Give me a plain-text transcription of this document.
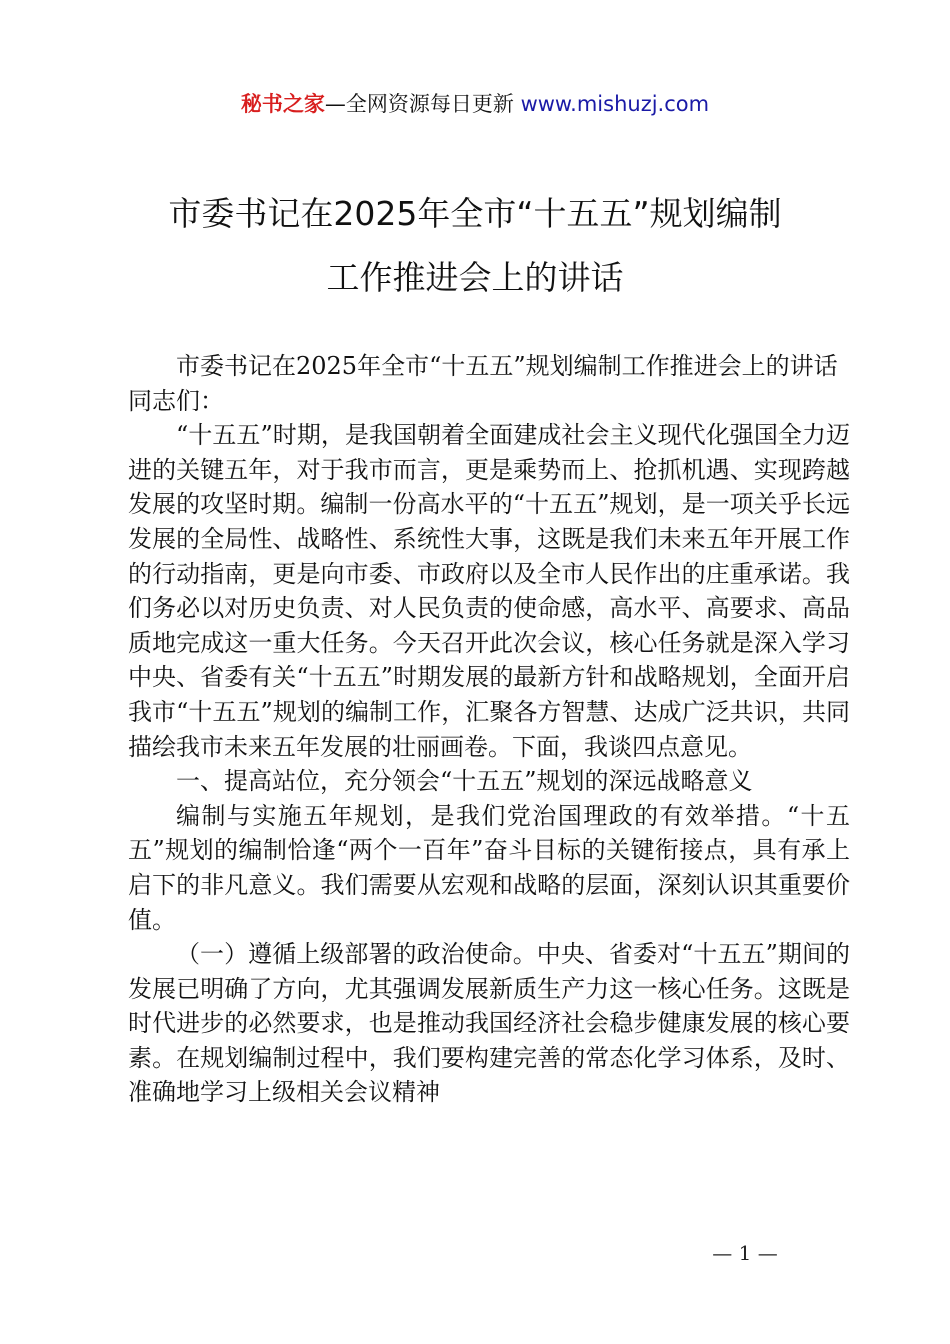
秘书之家—全网资源每日更新 www.mishuzj.com
市委书记在2025年全市“十五五”规划编制
工作推进会上的讲话

市委书记在2025年全市“十五五”规划编制工作推进会上的讲话

同志们：

“十五五”时期，是我国朝着全面建成社会主义现代化强国全力迈进的关键五年，对于我市而言，更是乘势而上、抢抓机遇、实现跨越发展的攻坚时期。编制一份高水平的“十五五”规划，是一项关乎长远发展的全局性、战略性、系统性大事，这既是我们未来五年开展工作的行动指南，更是向市委、市政府以及全市人民作出的庄重承诺。我们务必以对历史负责、对人民负责的使命感，高水平、高要求、高品质地完成这一重大任务。今天召开此次会议，核心任务就是深入学习中央、省委有关“十五五”时期发展的最新方针和战略规划，全面开启我市“十五五”规划的编制工作，汇聚各方智慧、达成广泛共识，共同描绘我市未来五年发展的壮丽画卷。下面，我谈四点意见。

一、提高站位，充分领会“十五五”规划的深远战略意义

编制与实施五年规划，是我们党治国理政的有效举措。“十五五”规划的编制恰逢“两个一百年”奋斗目标的关键衔接点，具有承上启下的非凡意义。我们需要从宏观和战略的层面，深刻认识其重要价值。

（一）遵循上级部署的政治使命。中央、省委对“十五五”期间的发展已明确了方向，尤其强调发展新质生产力这一核心任务。这既是时代进步的必然要求，也是推动我国经济社会稳步健康发展的核心要素。在规划编制过程中，我们要构建完善的常态化学习体系，及时、准确地学习上级相关会议精神

— 1 —
